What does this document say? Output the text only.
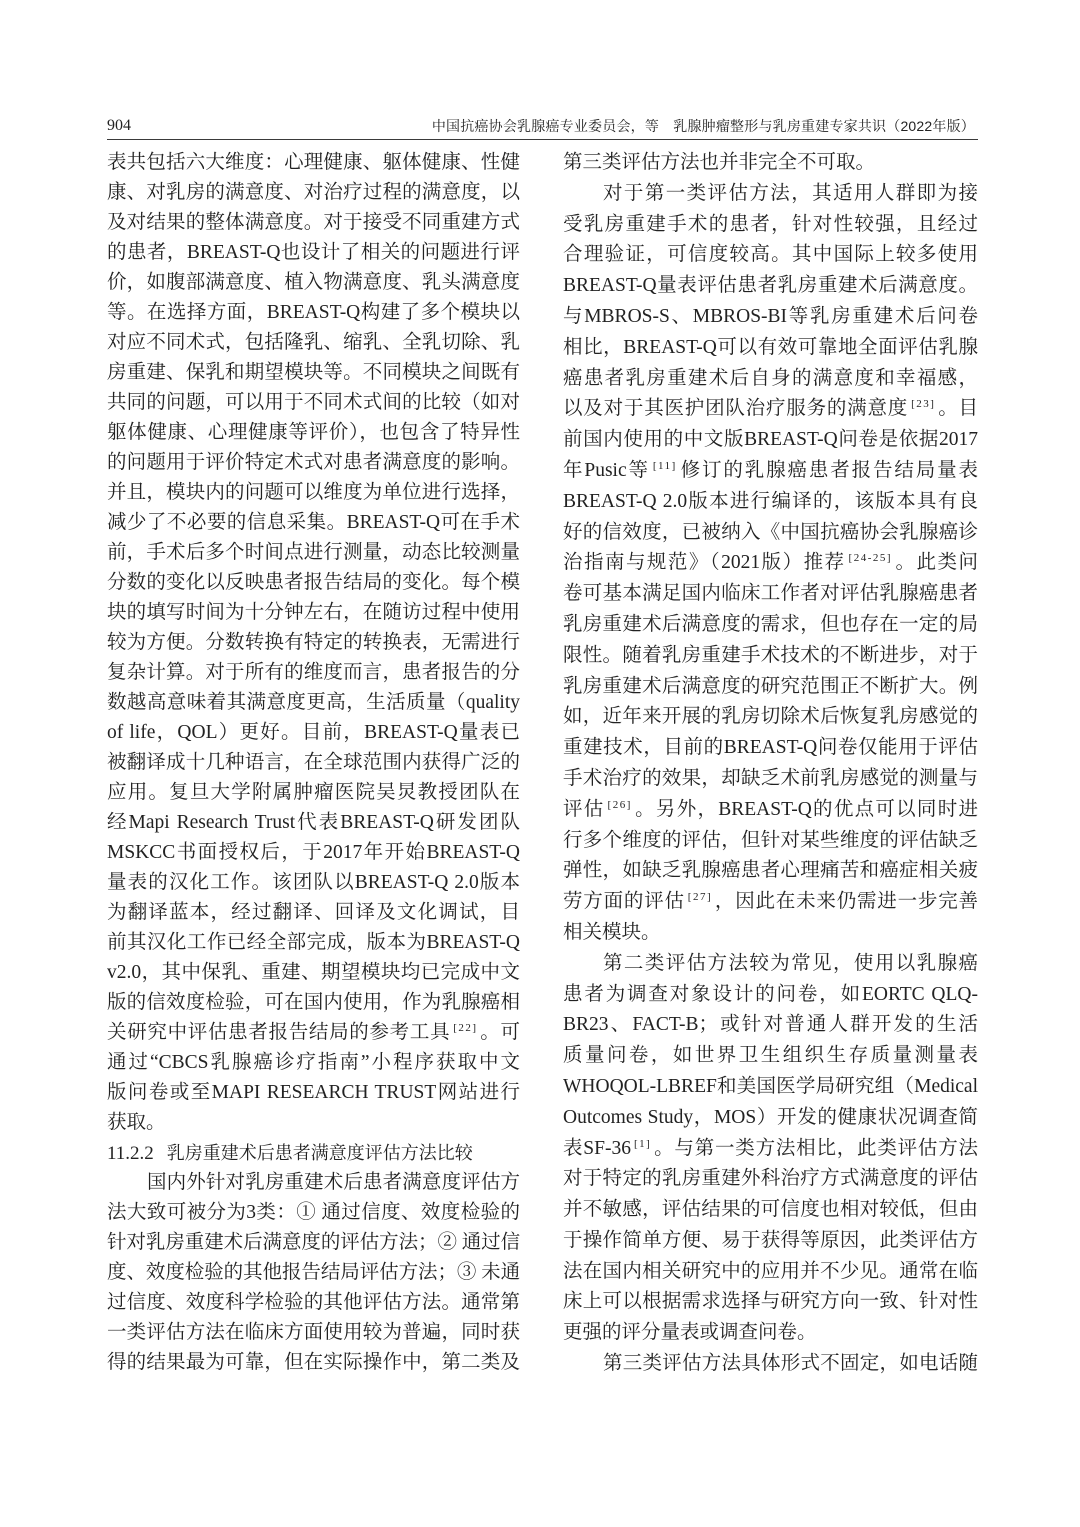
904	中国抗癌协会乳腺癌专业委员会，等　乳腺肿瘤整形与乳房重建专家共识（2022年版）
表共包括六大维度：心理健康、躯体健康、性健
康、对乳房的满意度、对治疗过程的满意度，以
及对结果的整体满意度。对于接受不同重建方式
的患者，BREAST-Q也设计了相关的问题进行评
价，如腹部满意度、植入物满意度、乳头满意度
等。在选择方面，BREAST-Q构建了多个模块以
对应不同术式，包括隆乳、缩乳、全乳切除、乳
房重建、保乳和期望模块等。不同模块之间既有
共同的问题，可以用于不同术式间的比较（如对
躯体健康、心理健康等评价），也包含了特异性
的问题用于评价特定术式对患者满意度的影响。
并且，模块内的问题可以维度为单位进行选择，
减少了不必要的信息采集。BREAST-Q可在手术
前，手术后多个时间点进行测量，动态比较测量
分数的变化以反映患者报告结局的变化。每个模
块的填写时间为十分钟左右，在随访过程中使用
较为方便。分数转换有特定的转换表，无需进行
复杂计算。对于所有的维度而言，患者报告的分
数越高意味着其满意度更高，生活质量（quality
of life，QOL）更好。目前，BREAST-Q量表已
被翻译成十几种语言，在全球范围内获得广泛的
应用。复旦大学附属肿瘤医院吴炅教授团队在
经Mapi Research Trust代表BREAST-Q研发团队
MSKCC书面授权后，于2017年开始BREAST-Q
量表的汉化工作。该团队以BREAST-Q 2.0版本
为翻译蓝本，经过翻译、回译及文化调试，目
前其汉化工作已经全部完成，版本为BREAST-Q
v2.0，其中保乳、重建、期望模块均已完成中文
版的信效度检验，可在国内使用，作为乳腺癌相
关研究中评估患者报告结局的参考工具 [22] 。可
通过“CBCS乳腺癌诊疗指南”小程序获取中文
版问卷或至MAPI RESEARCH TRUST网站进行
获取。
11.2.2 乳房重建术后患者满意度评估方法比较
国内外针对乳房重建术后患者满意度评估方
法大致可被分为3类：① 通过信度、效度检验的
针对乳房重建术后满意度的评估方法；② 通过信
度、效度检验的其他报告结局评估方法；③ 未通
过信度、效度科学检验的其他评估方法。通常第
一类评估方法在临床方面使用较为普遍，同时获
得的结果最为可靠，但在实际操作中，第二类及
第三类评估方法也并非完全不可取。
对于第一类评估方法，其适用人群即为接
受乳房重建手术的患者，针对性较强，且经过
合理验证，可信度较高。其中国际上较多使用
BREAST-Q量表评估患者乳房重建术后满意度。
与MBROS-S、MBROS-BI等乳房重建术后问卷
相比，BREAST-Q可以有效可靠地全面评估乳腺
癌患者乳房重建术后自身的满意度和幸福感，
以及对于其医护团队治疗服务的满意度 [23] 。目
前国内使用的中文版BREAST-Q问卷是依据2017
年Pusic等 [11] 修订的乳腺癌患者报告结局量表
BREAST-Q 2.0版本进行编译的，该版本具有良
好的信效度，已被纳入《中国抗癌协会乳腺癌诊
治指南与规范》（2021版）推荐 [24-25] 。此类问
卷可基本满足国内临床工作者对评估乳腺癌患者
乳房重建术后满意度的需求，但也存在一定的局
限性。随着乳房重建手术技术的不断进步，对于
乳房重建术后满意度的研究范围正不断扩大。例
如，近年来开展的乳房切除术后恢复乳房感觉的
重建技术，目前的BREAST-Q问卷仅能用于评估
手术治疗的效果，却缺乏术前乳房感觉的测量与
评估 [26] 。另外，BREAST-Q的优点可以同时进
行多个维度的评估，但针对某些维度的评估缺乏
弹性，如缺乏乳腺癌患者心理痛苦和癌症相关疲
劳方面的评估 [27] ，因此在未来仍需进一步完善
相关模块。
第二类评估方法较为常见，使用以乳腺癌
患者为调查对象设计的问卷，如EORTC QLQ-
BR23、FACT-B；或针对普通人群开发的生活
质量问卷，如世界卫生组织生存质量测量表
WHOQOL-LBREF和美国医学局研究组（Medical
Outcomes Study，MOS）开发的健康状况调查简
表SF-36 [1] 。与第一类方法相比，此类评估方法
对于特定的乳房重建外科治疗方式满意度的评估
并不敏感，评估结果的可信度也相对较低，但由
于操作简单方便、易于获得等原因，此类评估方
法在国内相关研究中的应用并不少见。通常在临
床上可以根据需求选择与研究方向一致、针对性
更强的评分量表或调查问卷。
第三类评估方法具体形式不固定，如电话随
